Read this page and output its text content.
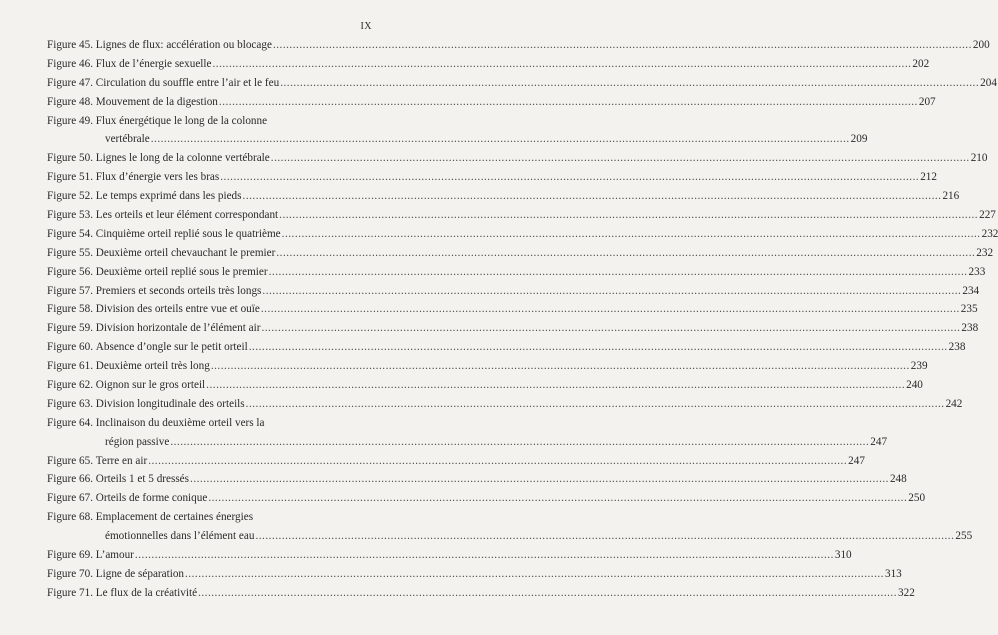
IX
Figure 45.
Lignes de flux: accélération ou blocage .....	200
Figure 46.
Flux de l’énergie sexuelle .....	202
Figure 47.
Circulation du souffle entre l’air et le feu .....	204
Figure 48.
Mouvement de la digestion .....	207
Figure 49.
Flux énergétique le long de la colonne
vertébrale .....	209
Figure 50.
Lignes le long de la colonne vertébrale .....	210
Figure 51.
Flux d’énergie vers les bras .....	212
Figure 52.
Le temps exprimé dans les pieds .....	216
Figure 53.
Les orteils et leur élément correspondant .....	227
Figure 54.
Cinquième orteil replié sous le quatrième .....	232
Figure 55.
Deuxième orteil chevauchant le premier .....	232
Figure 56.
Deuxième orteil replié sous le premier .....	233
Figure 57.
Premiers et seconds orteils très longs .....	234
Figure 58.
Division des orteils entre vue et ouïe .....	235
Figure 59.
Division horizontale de l’élément air .....	238
Figure 60.
Absence d’ongle sur le petit orteil .....	238
Figure 61.
Deuxième orteil très long .....	239
Figure 62.
Oignon sur le gros orteil .....	240
Figure 63.
Division longitudinale des orteils .....	242
Figure 64.
Inclinaison du deuxième orteil vers la
région passive .....	247
Figure 65.
Terre en air .....	247
Figure 66.
Orteils 1 et 5 dressés .....	248
Figure 67.
Orteils de forme conique .....	250
Figure 68.
Emplacement de certaines énergies
émotionnelles dans l’élément eau .....	255
Figure 69.
L’amour .....	310
Figure 70.
Ligne de séparation .....	313
Figure 71.
Le flux de la créativité .....	322
